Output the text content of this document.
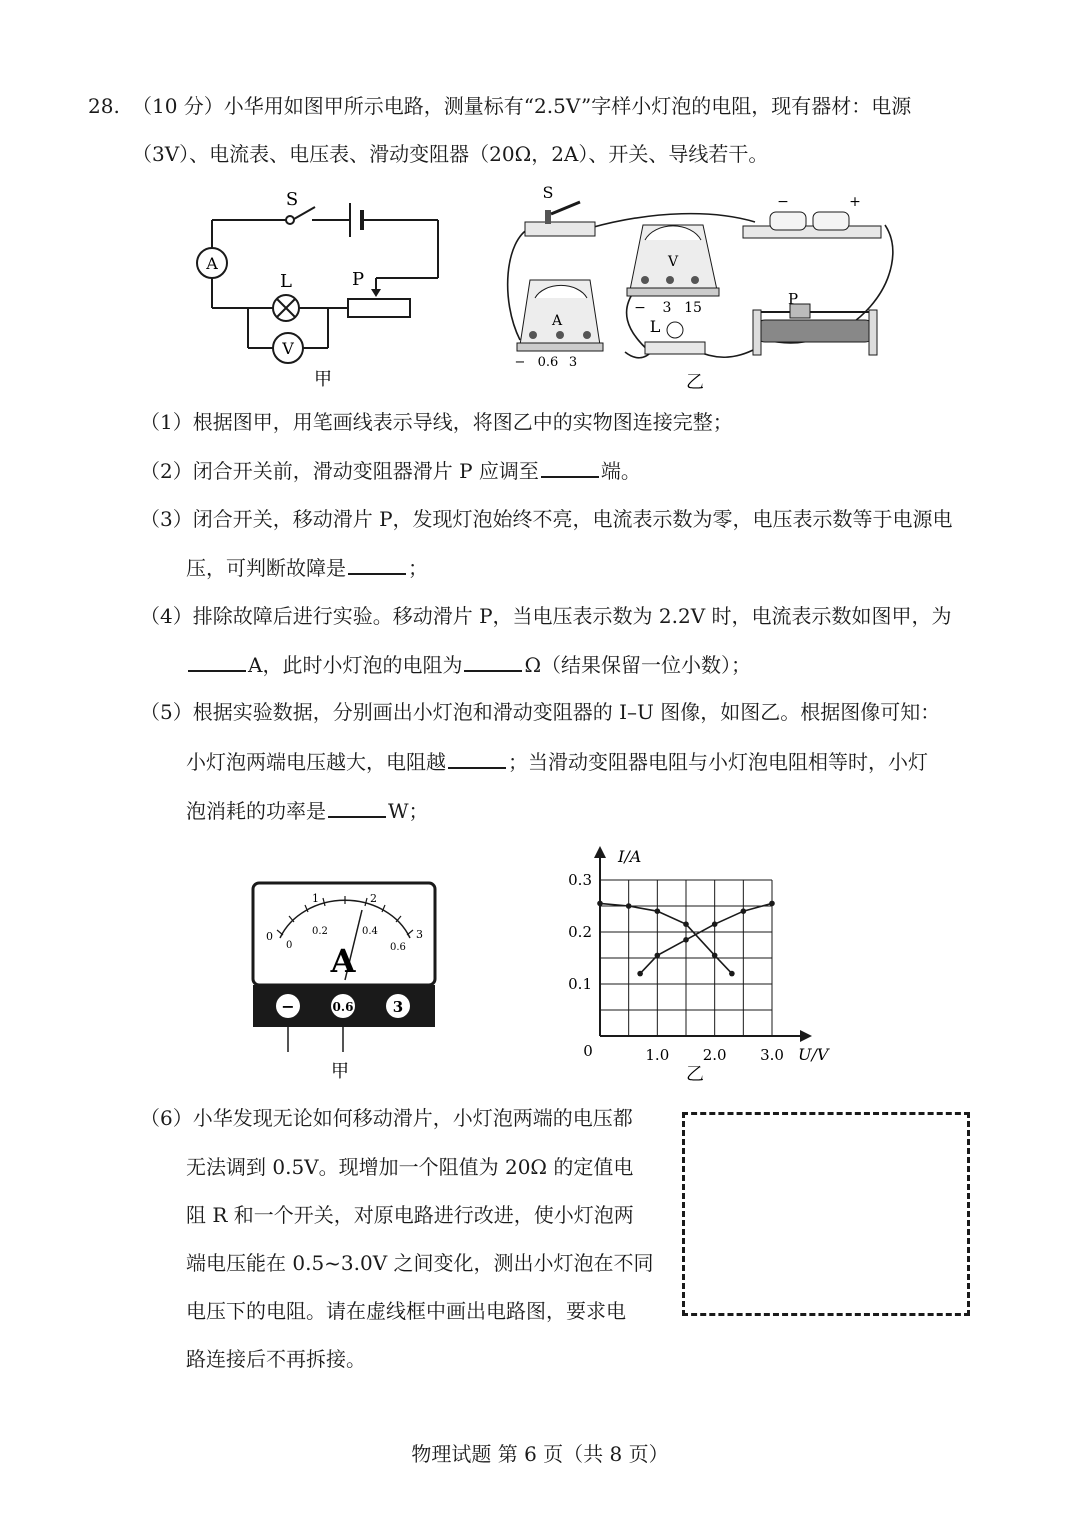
28. （10 分）小华用如图甲所示电路，测量标有“2.5V”字样小灯泡的电阻，现有器材：电源
（3V）、电流表、电压表、滑动变阻器（20Ω，2A）、开关、导线若干。
S
A
L	P
V
甲
S	−	+
V
− 3 15
A
− 0.6 3
L
乙
P
（1）根据图甲，用笔画线表示导线，将图乙中的实物图连接完整；
（2）闭合开关前，滑动变阻器滑片 P 应调至	端。
（3）闭合开关，移动滑片 P，发现灯泡始终不亮，电流表示数为零，电压表示数等于电源电
压，可判断故障是	；
（4）排除故障后进行实验。移动滑片 P，当电压表示数为 2.2V 时，电流表示数如图甲，为
A，此时小灯泡的电阻为	Ω（结果保留一位小数）；
（5）根据实验数据，分别画出小灯泡和滑动变阻器的 I–U 图像，如图乙。根据图像可知：
小灯泡两端电压越大，电阻越	；当滑动变阻器电阻与小灯泡电阻相等时，小灯
泡消耗的功率是	W；
0
1	2
3
0
0.2	0.4
0.6
A
−	0.6	3
甲
I/A
U/V
0	1.0 2.0 3.0
0.1
0.2
0.3
乙
（6）小华发现无论如何移动滑片，小灯泡两端的电压都
无法调到 0.5V。现增加一个阻值为 20Ω 的定值电
阻 R 和一个开关，对原电路进行改进，使小灯泡两
端电压能在 0.5~3.0V 之间变化，测出小灯泡在不同
电压下的电阻。请在虚线框中画出电路图，要求电
路连接后不再拆接。
物理试题 第 6 页（共 8 页）
